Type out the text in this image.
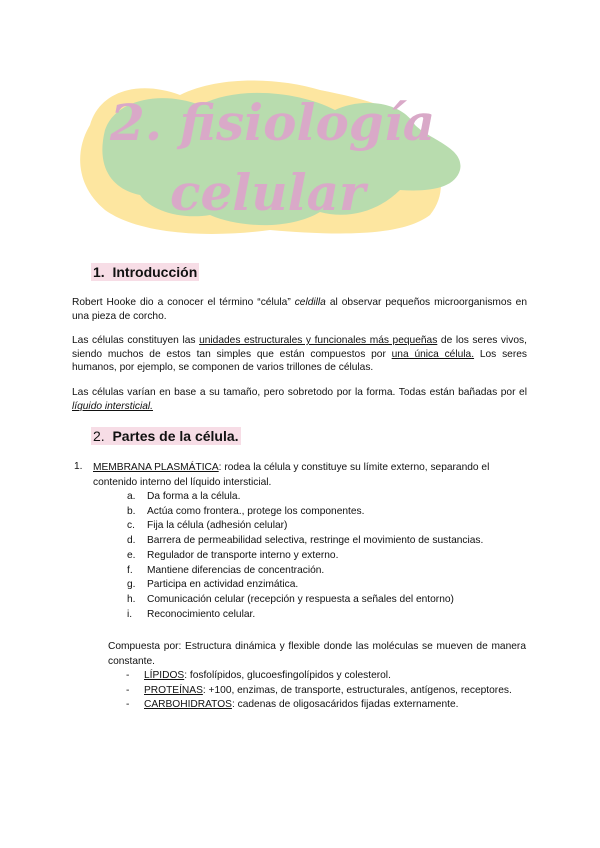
2. fisiología
celular
1. Introducción
Robert Hooke dio a conocer el término “célula” celdilla al observar pequeños microorganismos en una pieza de corcho.
Las células constituyen las unidades estructurales y funcionales más pequeñas de los seres vivos, siendo muchos de estos tan simples que están compuestos por una única célula. Los seres humanos, por ejemplo, se componen de varios trillones de células.
Las células varían en base a su tamaño, pero sobretodo por la forma. Todas están bañadas por el líquido intersticial.
2. Partes de la célula.
1.	MEMBRANA PLASMÁTICA: rodea la célula y constituye su límite externo, separando el contenido interno del líquido intersticial.
a.	Da forma a la célula.
b.	Actúa como frontera., protege los componentes.
c.	Fija la célula (adhesión celular)
d.	Barrera de permeabilidad selectiva, restringe el movimiento de sustancias.
e.	Regulador de transporte interno y externo.
f.	Mantiene diferencias de concentración.
g.	Participa en actividad enzimática.
h.	Comunicación celular (recepción y respuesta a señales del entorno)
i.	Reconocimiento celular.
Compuesta por: Estructura dinámica y flexible donde las moléculas se mueven de manera constante.
-	LÍPIDOS: fosfolípidos, glucoesfingolípidos y colesterol.
-	PROTEÍNAS: +100, enzimas, de transporte, estructurales, antígenos, receptores.
-	CARBOHIDRATOS: cadenas de oligosacáridos fijadas externamente.
